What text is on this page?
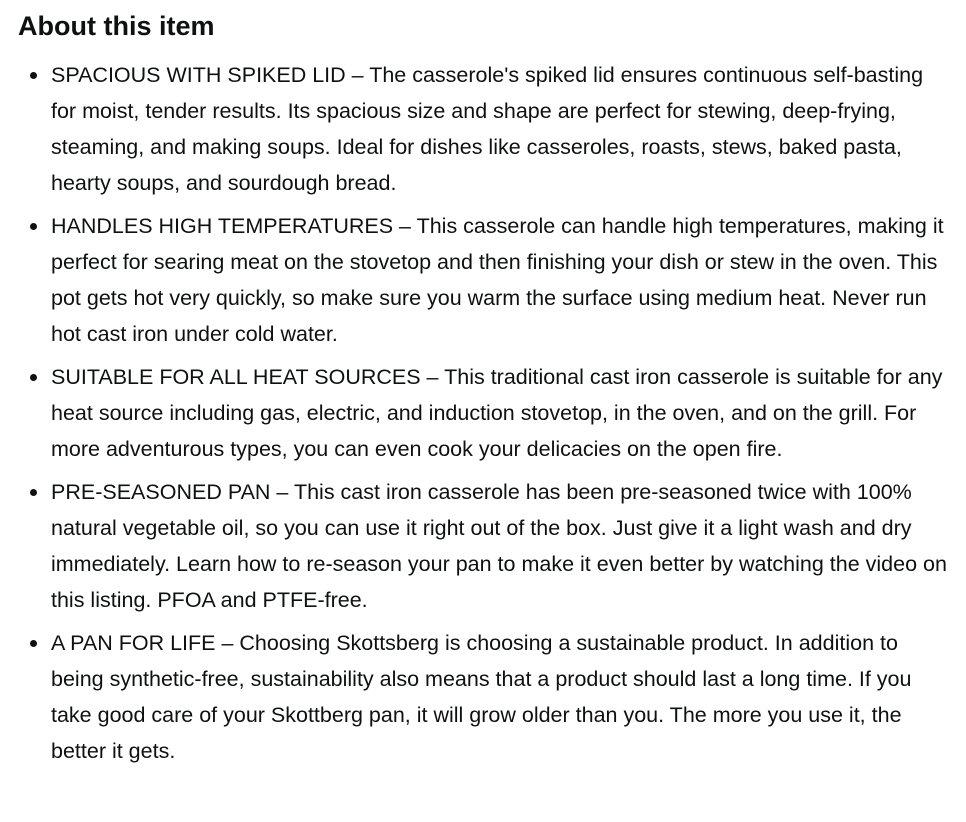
About this item
SPACIOUS WITH SPIKED LID – The casserole's spiked lid ensures continuous self-basting for moist, tender results. Its spacious size and shape are perfect for stewing, deep-frying, steaming, and making soups. Ideal for dishes like casseroles, roasts, stews, baked pasta, hearty soups, and sourdough bread.
HANDLES HIGH TEMPERATURES – This casserole can handle high temperatures, making it perfect for searing meat on the stovetop and then finishing your dish or stew in the oven. This pot gets hot very quickly, so make sure you warm the surface using medium heat. Never run hot cast iron under cold water.
SUITABLE FOR ALL HEAT SOURCES – This traditional cast iron casserole is suitable for any heat source including gas, electric, and induction stovetop, in the oven, and on the grill. For more adventurous types, you can even cook your delicacies on the open fire.
PRE-SEASONED PAN – This cast iron casserole has been pre-seasoned twice with 100% natural vegetable oil, so you can use it right out of the box. Just give it a light wash and dry immediately. Learn how to re-season your pan to make it even better by watching the video on this listing. PFOA and PTFE-free.
A PAN FOR LIFE – Choosing Skottsberg is choosing a sustainable product. In addition to being synthetic-free, sustainability also means that a product should last a long time. If you take good care of your Skottberg pan, it will grow older than you. The more you use it, the better it gets.
